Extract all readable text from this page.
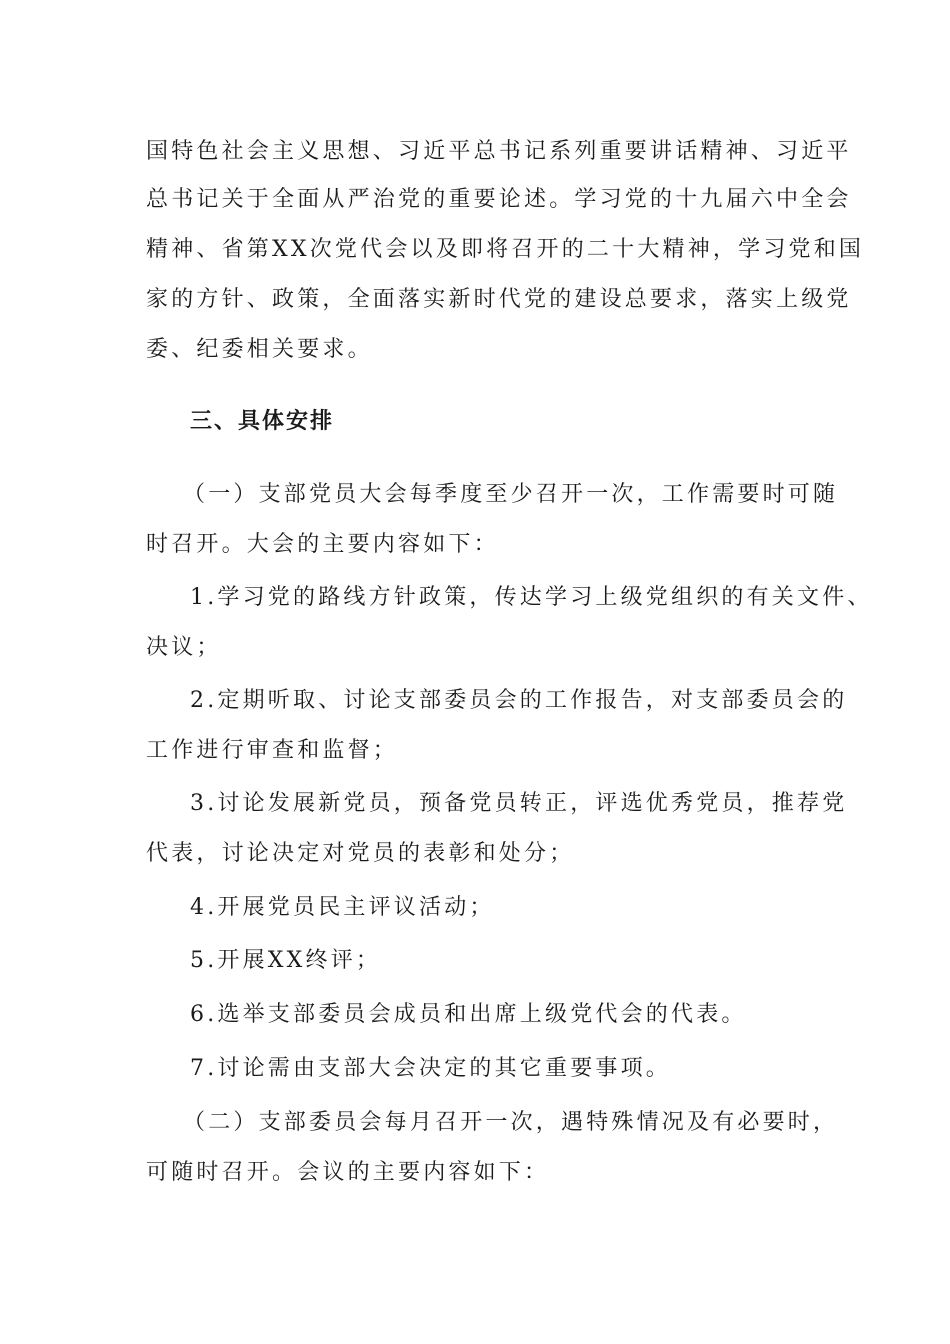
国特色社会主义思想、习近平总书记系列重要讲话精神、习近平
总书记关于全面从严治党的重要论述。学习党的十九届六中全会
精神、省第XX次党代会以及即将召开的二十大精神，学习党和国
家的方针、政策，全面落实新时代党的建设总要求，落实上级党
委、纪委相关要求。
三、具体安排
（一）支部党员大会每季度至少召开一次，工作需要时可随
时召开。大会的主要内容如下：
1.学习党的路线方针政策，传达学习上级党组织的有关文件、
决议；
2.定期听取、讨论支部委员会的工作报告，对支部委员会的
工作进行审查和监督；
3.讨论发展新党员，预备党员转正，评选优秀党员，推荐党
代表，讨论决定对党员的表彰和处分；
4.开展党员民主评议活动；
5.开展XX终评；
6.选举支部委员会成员和出席上级党代会的代表。
7.讨论需由支部大会决定的其它重要事项。
（二）支部委员会每月召开一次，遇特殊情况及有必要时，
可随时召开。会议的主要内容如下：
